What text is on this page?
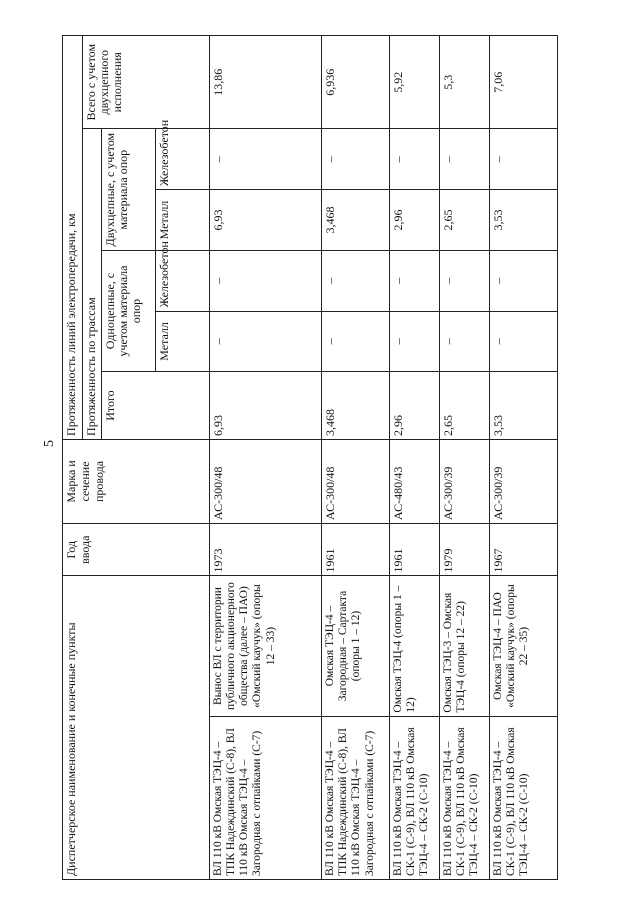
5
Диспетчерское наименование и конечные пункты		Год ввода	Марка и сечение провода	Протяженность линий электропередачи, км					
				Протяженность по трассам					Всего с учетом двухцепного исполнения
				Итого	Одноцепные, с учетом материала опор		Двухцепные, с учетом материала опор		
					Металл	Железобетон	Металл	Железобетон	
ВЛ 110 кВ Омская ТЭЦ-4 – ТПК Надеждинский (С-8), ВЛ 110 кВ Омская ТЭЦ-4 – Загородная с отпайками (С-7)	Вынос ВЛ с территории публичного акционерного общества (далее – ПАО) «Омский каучук» (опоры 12 – 33)	1973	АС-300/48	6,93	–	–	6,93	–	13,86
ВЛ 110 кВ Омская ТЭЦ-4 – ТПК Надеждинский (С-8), ВЛ 110 кВ Омская ТЭЦ-4 – Загородная с отпайками (С-7)	Омская ТЭЦ-4 – Загородная – Сартакта (опоры 1 – 12)	1961	АС-300/48	3,468	–	–	3,468	–	6,936
ВЛ 110 кВ Омская ТЭЦ-4 – СК-1 (С-9), ВЛ 110 кВ Омская ТЭЦ-4 – СК-2 (С-10)	Омская ТЭЦ-4 (опоры 1 – 12)	1961	АС-480/43	2,96	–	–	2,96	–	5,92
ВЛ 110 кВ Омская ТЭЦ-4 – СК-1 (С-9), ВЛ 110 кВ Омская ТЭЦ-4 – СК-2 (С-10)	Омская ТЭЦ-3 – Омская ТЭЦ-4 (опоры 12 – 22)	1979	АС-300/39	2,65	–	–	2,65	–	5,3
ВЛ 110 кВ Омская ТЭЦ-4 – СК-1 (С-9), ВЛ 110 кВ Омская ТЭЦ-4 – СК-2 (С-10)	Омская ТЭЦ-4 – ПАО «Омский каучук» (опоры 22 – 35)	1967	АС-300/39	3,53	–	–	3,53	–	7,06
